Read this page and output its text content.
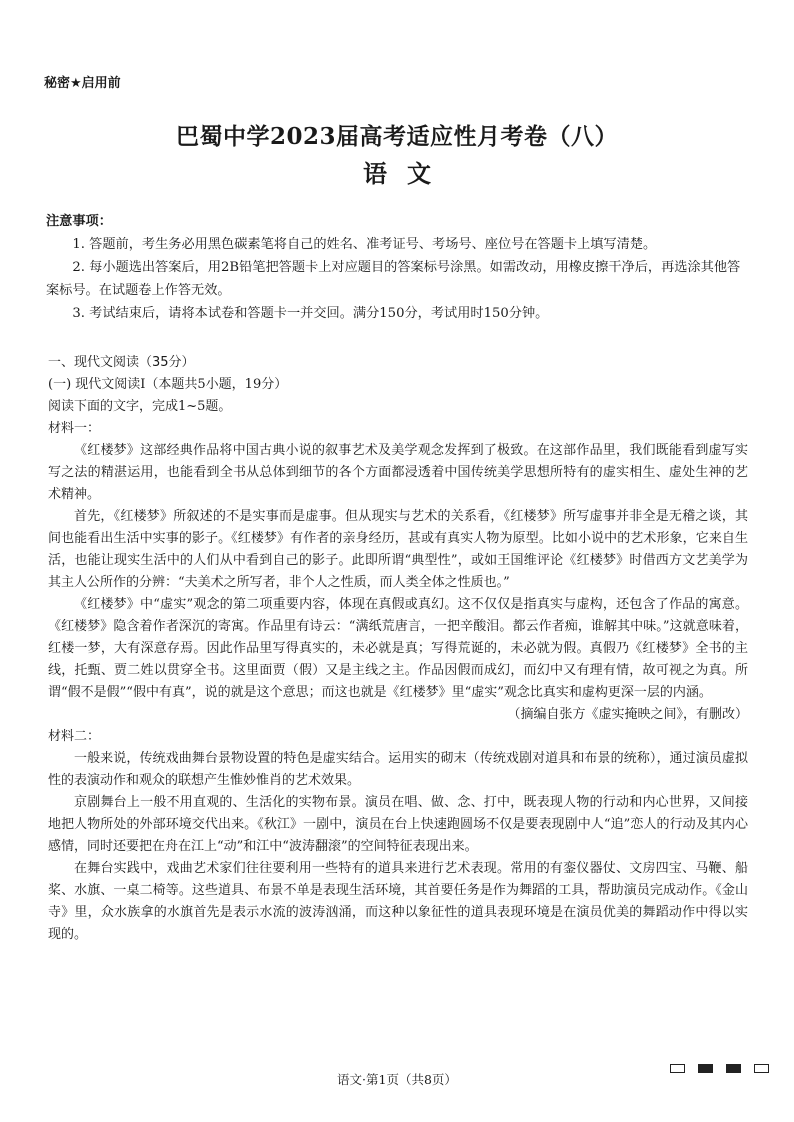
秘密★启用前
巴蜀中学2023届高考适应性月考卷（八）
语文
注意事项：

1. 答题前，考生务必用黑色碳素笔将自己的姓名、准考证号、考场号、座位号在答题卡上填写清楚。

2. 每小题选出答案后，用2B铅笔把答题卡上对应题目的答案标号涂黑。如需改动，用橡皮擦干净后，再选涂其他答案标号。在试题卷上作答无效。

3. 考试结束后，请将本试卷和答题卡一并交回。满分150分，考试用时150分钟。

一、现代文阅读（35分）

(一) 现代文阅读Ⅰ（本题共5小题，19分）

阅读下面的文字，完成1~5题。

材料一：

《红楼梦》这部经典作品将中国古典小说的叙事艺术及美学观念发挥到了极致。在这部作品里，我们既能看到虚写实写之法的精湛运用，也能看到全书从总体到细节的各个方面都浸透着中国传统美学思想所特有的虚实相生、虚处生神的艺术精神。

首先，《红楼梦》所叙述的不是实事而是虚事。但从现实与艺术的关系看，《红楼梦》所写虚事并非全是无稽之谈，其间也能看出生活中实事的影子。《红楼梦》有作者的亲身经历，甚或有真实人物为原型。比如小说中的艺术形象，它来自生活，也能让现实生活中的人们从中看到自己的影子。此即所谓“典型性”，或如王国维评论《红楼梦》时借西方文艺美学为其主人公所作的分辨：“夫美术之所写者，非个人之性质，而人类全体之性质也。”

《红楼梦》中“虚实”观念的第二项重要内容，体现在真假或真幻。这不仅仅是指真实与虚构，还包含了作品的寓意。《红楼梦》隐含着作者深沉的寄寓。作品里有诗云：“满纸荒唐言，一把辛酸泪。都云作者痴，谁解其中味。”这就意味着，红楼一梦，大有深意存焉。因此作品里写得真实的，未必就是真；写得荒诞的，未必就为假。真假乃《红楼梦》全书的主线，托甄、贾二姓以贯穿全书。这里面贾（假）又是主线之主。作品因假而成幻，而幻中又有理有情，故可视之为真。所谓“假不是假”“假中有真”，说的就是这个意思；而这也就是《红楼梦》里“虚实”观念比真实和虚构更深一层的内涵。

（摘编自张方《虚实掩映之间》，有删改）

材料二：

一般来说，传统戏曲舞台景物设置的特色是虚实结合。运用实的砌末（传统戏剧对道具和布景的统称），通过演员虚拟性的表演动作和观众的联想产生惟妙惟肖的艺术效果。

京剧舞台上一般不用直观的、生活化的实物布景。演员在唱、做、念、打中，既表现人物的行动和内心世界，又间接地把人物所处的外部环境交代出来。《秋江》一剧中，演员在台上快速跑圆场不仅是要表现剧中人“追”恋人的行动及其内心感情，同时还要把在舟在江上“动”和江中“波涛翻滚”的空间特征表现出来。

在舞台实践中，戏曲艺术家们往往要利用一些特有的道具来进行艺术表现。常用的有銮仪器仗、文房四宝、马鞭、船桨、水旗、一桌二椅等。这些道具、布景不单是表现生活环境，其首要任务是作为舞蹈的工具，帮助演员完成动作。《金山寺》里，众水族拿的水旗首先是表示水流的波涛汹涌，而这种以象征性的道具表现环境是在演员优美的舞蹈动作中得以实现的。

语文·第1页（共8页）
